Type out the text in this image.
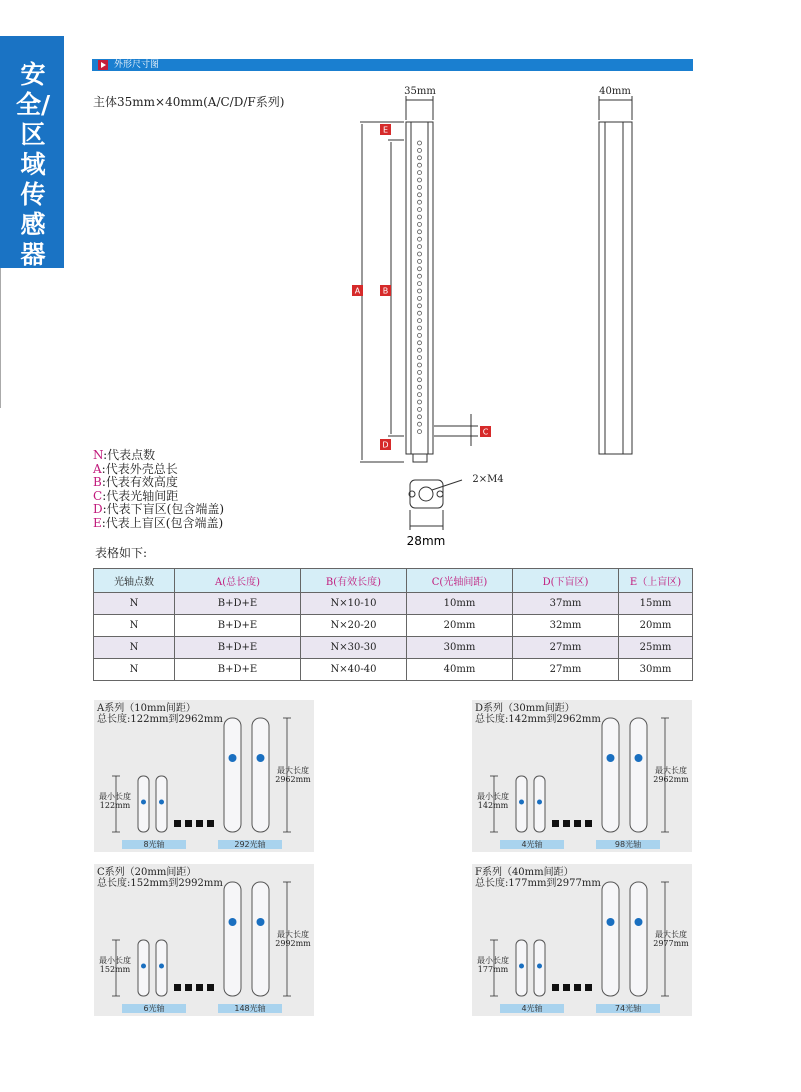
安全/区域传感器
外形尺寸图
主体35mm×40mm(A/C/D/F系列)
E
A	B
D
C
35mm	40mm
2×M4
28mm
N:代表点数
A:代表外壳总长
B:代表有效高度
C:代表光轴间距
D:代表下盲区(包含端盖)
E:代表上盲区(包含端盖)
表格如下:
光轴点数	A(总长度)	B(有效长度)	C(光轴间距)	D(下盲区)	E（上盲区)
N	B+D+E	N×10-10	10mm	37mm	15mm
N	B+D+E	N×20-20	20mm	32mm	20mm
N	B+D+E	N×30-30	30mm	27mm	25mm
N	B+D+E	N×40-40	40mm	27mm	30mm
A系列（10mm间距）
总长度:122mm到2962mm
最小长度
122mm
最大长度
2962mm
8光轴	292光轴
D系列（30mm间距）
总长度:142mm到2962mm
最小长度
142mm
最大长度
2962mm
4光轴	98光轴
C系列（20mm间距）
总长度:152mm到2992mm
最小长度
152mm
最大长度
2992mm
6光轴	148光轴
F系列（40mm间距）
总长度:177mm到2977mm
最小长度
177mm
最大长度
2977mm
4光轴	74光轴
